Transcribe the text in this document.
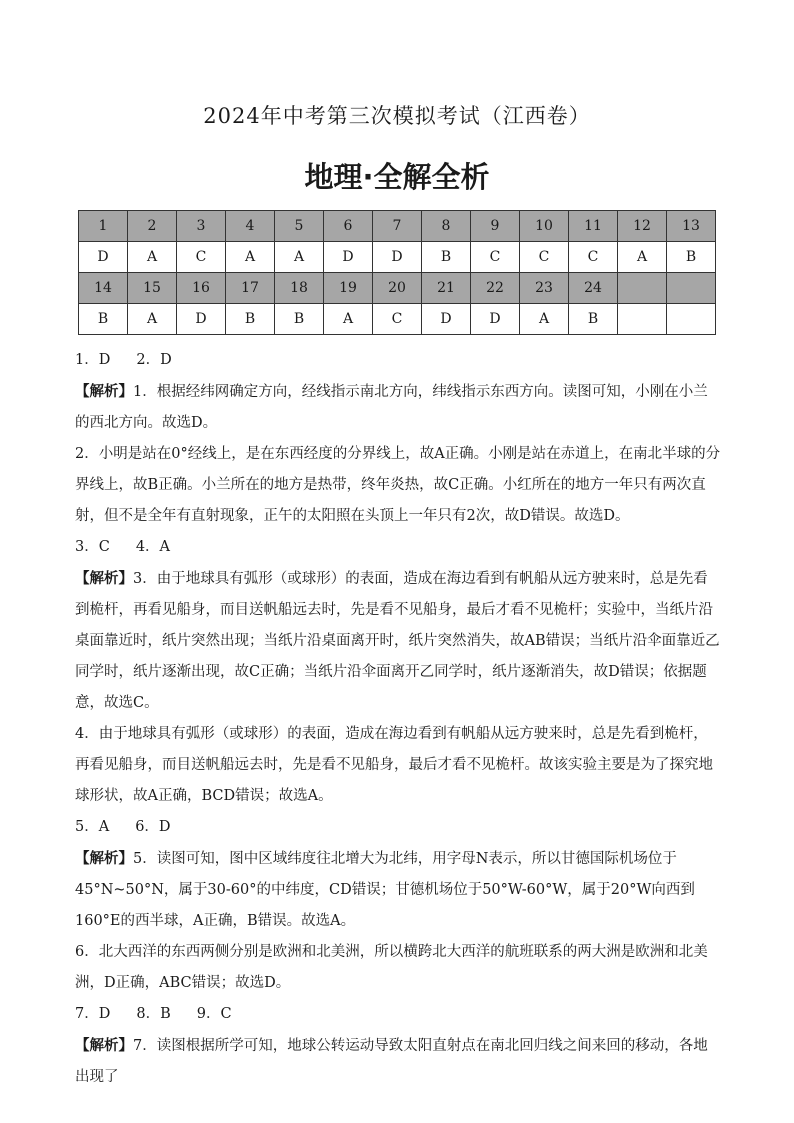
2024年中考第三次模拟考试（江西卷）
地理·全解全析
1	2	3	4	5	6	7	8	9	10	11	12	13
D	A	C	A	A	D	D	B	C	C	C	A	B
14	15	16	17	18	19	20	21	22	23	24		
B	A	D	B	B	A	C	D	D	A	B		

1．D 2．D

【解析】1．根据经纬网确定方向，经线指示南北方向，纬线指示东西方向。读图可知，小刚在小兰的西北方向。故选D。

2．小明是站在0°经线上，是在东西经度的分界线上，故A正确。小刚是站在赤道上，在南北半球的分界线上，故B正确。小兰所在的地方是热带，终年炎热，故C正确。小红所在的地方一年只有两次直射，但不是全年有直射现象，正午的太阳照在头顶上一年只有2次，故D错误。故选D。

3．C 4．A

【解析】3．由于地球具有弧形（或球形）的表面，造成在海边看到有帆船从远方驶来时，总是先看到桅杆，再看见船身，而目送帆船远去时，先是看不见船身，最后才看不见桅杆；实验中，当纸片沿桌面靠近时，纸片突然出现；当纸片沿桌面离开时，纸片突然消失，故AB错误；当纸片沿伞面靠近乙同学时，纸片逐渐出现，故C正确；当纸片沿伞面离开乙同学时，纸片逐渐消失，故D错误；依据题意，故选C。

4．由于地球具有弧形（或球形）的表面，造成在海边看到有帆船从远方驶来时，总是先看到桅杆，再看见船身，而目送帆船远去时，先是看不见船身，最后才看不见桅杆。故该实验主要是为了探究地球形状，故A正确，BCD错误；故选A。

5．A 6．D

【解析】5．读图可知，图中区域纬度往北增大为北纬，用字母N表示，所以甘德国际机场位于45°N~50°N，属于30-60°的中纬度，CD错误；甘德机场位于50°W-60°W，属于20°W向西到160°E的西半球，A正确，B错误。故选A。

6．北大西洋的东西两侧分别是欧洲和北美洲，所以横跨北大西洋的航班联系的两大洲是欧洲和北美洲，D正确，ABC错误；故选D。

7．D 8．B 9．C

【解析】7．读图根据所学可知，地球公转运动导致太阳直射点在南北回归线之间来回的移动，各地出现了
